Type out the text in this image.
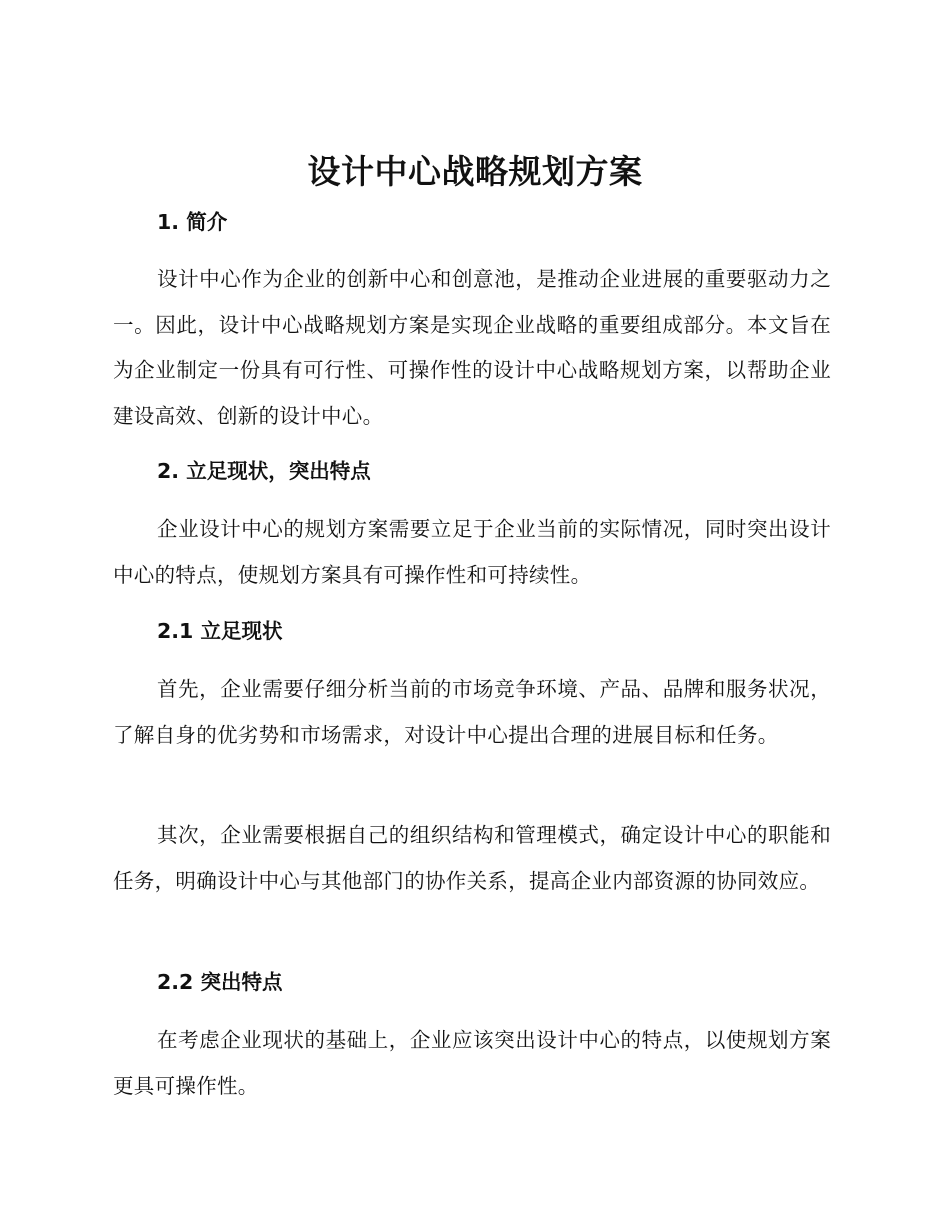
设计中心战略规划方案
1. 简介

设计中心作为企业的创新中心和创意池，是推动企业进展的重要驱动力之一。因此，设计中心战略规划方案是实现企业战略的重要组成部分。本文旨在为企业制定一份具有可行性、可操作性的设计中心战略规划方案，以帮助企业建设高效、创新的设计中心。

2. 立足现状，突出特点

企业设计中心的规划方案需要立足于企业当前的实际情况，同时突出设计中心的特点，使规划方案具有可操作性和可持续性。

2.1 立足现状

首先，企业需要仔细分析当前的市场竞争环境、产品、品牌和服务状况，了解自身的优劣势和市场需求，对设计中心提出合理的进展目标和任务。

其次，企业需要根据自己的组织结构和管理模式，确定设计中心的职能和任务，明确设计中心与其他部门的协作关系，提高企业内部资源的协同效应。

2.2 突出特点

在考虑企业现状的基础上，企业应该突出设计中心的特点，以使规划方案更具可操作性。
